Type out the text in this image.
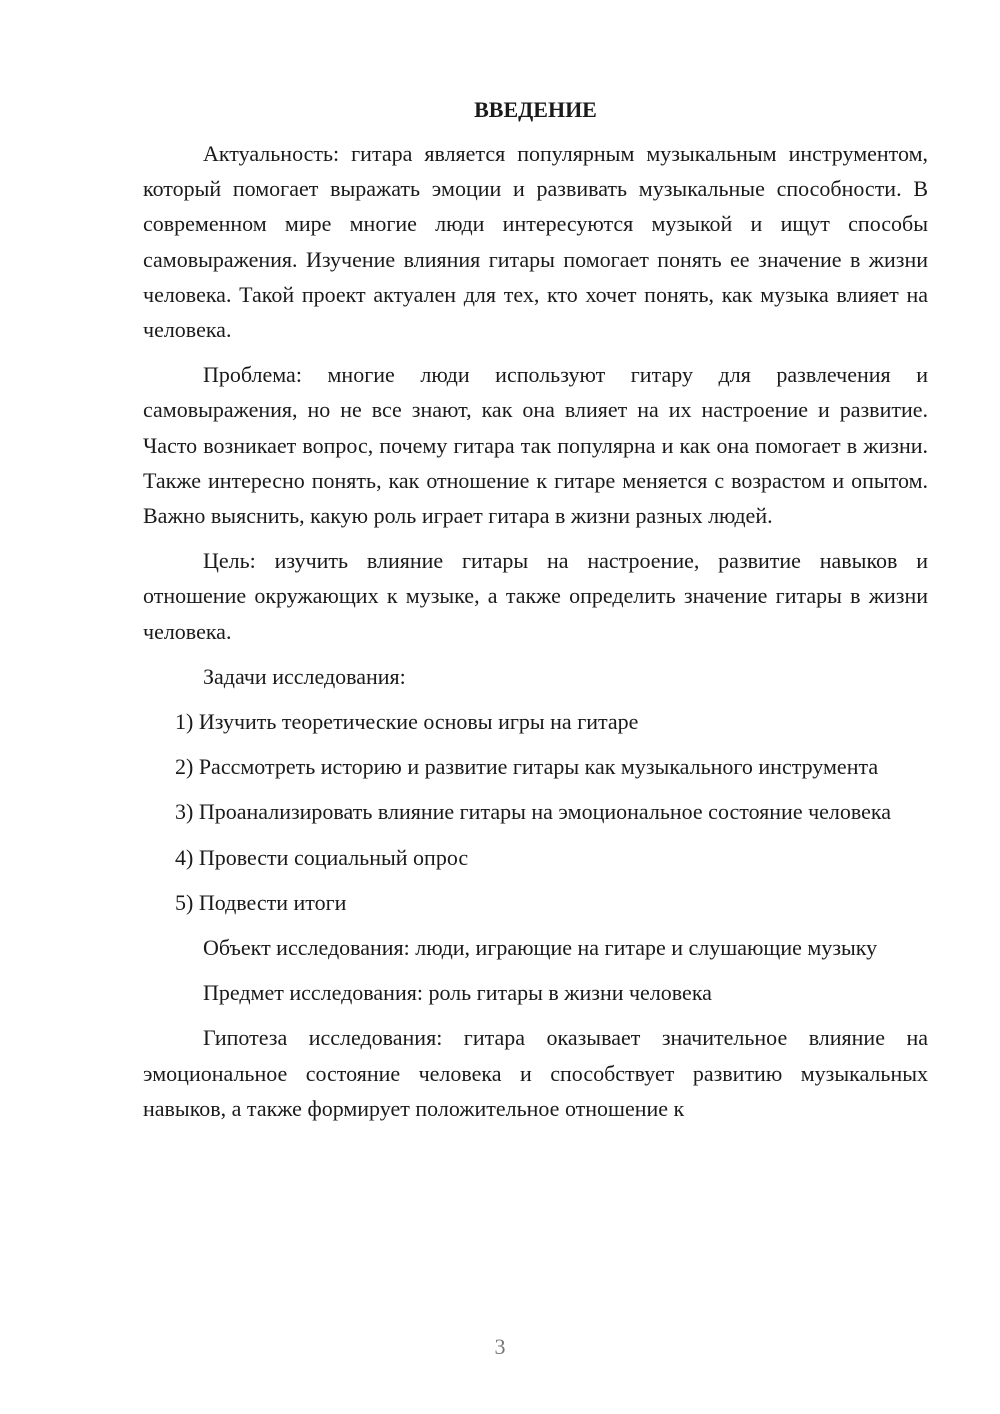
ВВЕДЕНИЕ

Актуальность: гитара является популярным музыкальным инструментом, который помогает выражать эмоции и развивать музыкальные способности. В современном мире многие люди интересуются музыкой и ищут способы самовыражения. Изучение влияния гитары помогает понять ее значение в жизни человека. Такой проект актуален для тех, кто хочет понять, как музыка влияет на человека.

Проблема: многие люди используют гитару для развлечения и самовыражения, но не все знают, как она влияет на их настроение и развитие. Часто возникает вопрос, почему гитара так популярна и как она помогает в жизни. Также интересно понять, как отношение к гитаре меняется с возрастом и опытом. Важно выяснить, какую роль играет гитара в жизни разных людей.

Цель: изучить влияние гитары на настроение, развитие навыков и отношение окружающих к музыке, а также определить значение гитары в жизни человека.

Задачи исследования:

1) Изучить теоретические основы игры на гитаре

2) Рассмотреть историю и развитие гитары как музыкального инструмента

3) Проанализировать влияние гитары на эмоциональное состояние человека

4) Провести социальный опрос

5) Подвести итоги

Объект исследования: люди, играющие на гитаре и слушающие музыку

Предмет исследования: роль гитары в жизни человека

Гипотеза исследования: гитара оказывает значительное влияние на эмоциональное состояние человека и способствует развитию музыкальных навыков, а также формирует положительное отношение к

3
